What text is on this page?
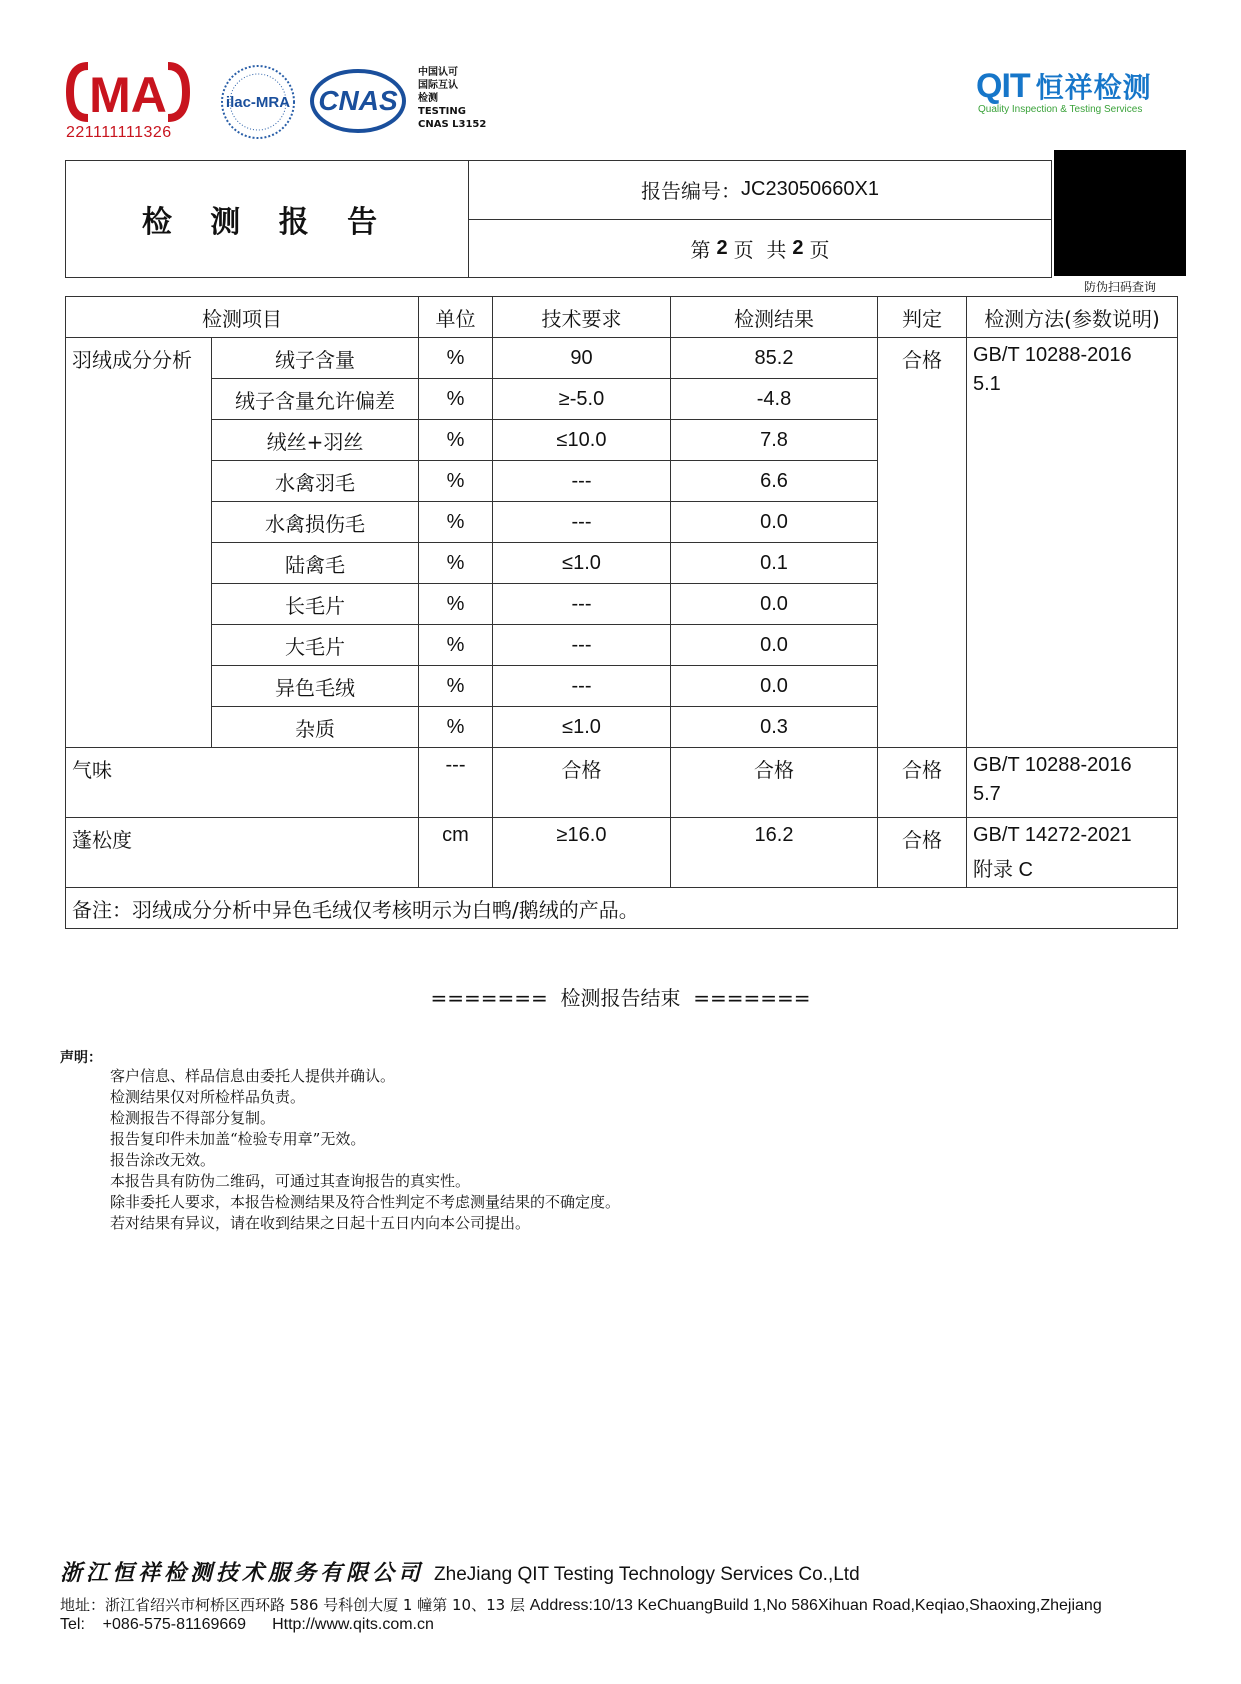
MA
221111111326
ilac-MRA CNAS
中国认可
国际互认
检测
TESTING
CNAS L3152
QIT 恒祥检测
Quality Inspection & Testing Services
检 测 报 告
报告编号： JC23050660X1
第 2 页  共 2 页
防伪扫码查询
检测项目		单位	技术要求	检测结果	判定	检测方法(参数说明)
羽绒成分分析	绒子含量	%	90	85.2	合格	GB/T 10288-2016
5.1

	绒子含量允许偏差	%	≥-5.0	-4.8		
	绒丝+羽丝	%	≤10.0	7.8		
	水禽羽毛	%	---	6.6		
	水禽损伤毛	%	---	0.0		
	陆禽毛	%	≤1.0	0.1		
	长毛片	%	---	0.0		
	大毛片	%	---	0.0		
	异色毛绒	%	---	0.0		
	杂质	%	≤1.0	0.3		
气味		---	合格	合格	合格	GB/T 10288-2016
5.7

蓬松度		cm	≥16.0	16.2	合格	GB/T 14272-2021
附录 C

备注：羽绒成分分析中异色毛绒仅考核明示为白鸭/鹅绒的产品。						
=======  检测报告结束  =======
声明：
客户信息、样品信息由委托人提供并确认。
检测结果仅对所检样品负责。
检测报告不得部分复制。
报告复印件未加盖“检验专用章”无效。
报告涂改无效。
本报告具有防伪二维码，可通过其查询报告的真实性。
除非委托人要求，本报告检测结果及符合性判定不考虑测量结果的不确定度。
若对结果有异议，请在收到结果之日起十五日内向本公司提出。
浙江恒祥检测技术服务有限公司 ZheJiang QIT Testing Technology Services Co.,Ltd
地址：浙江省绍兴市柯桥区西环路 586 号科创大厦 1 幢第 10、13 层 Address:10/13 KeChuangBuild 1,No 586Xihuan Road,Keqiao,Shaoxing,Zhejiang
Tel:    +086-575-81169669 Http://www.qits.com.cn
